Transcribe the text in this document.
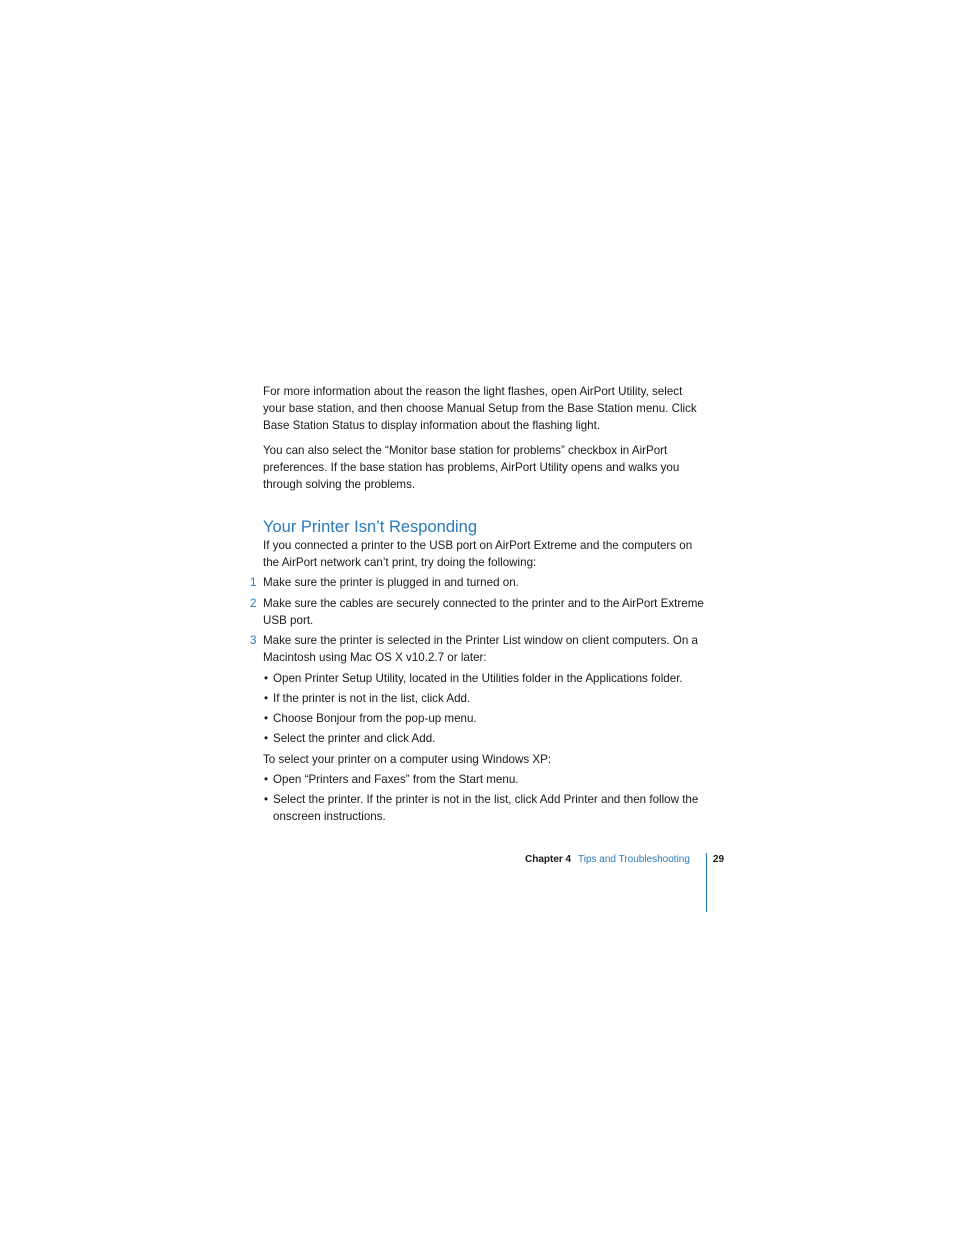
For more information about the reason the light flashes, open AirPort Utility, select

your base station, and then choose Manual Setup from the Base Station menu. Click

Base Station Status to display information about the flashing light.

You can also select the “Monitor base station for problems” checkbox in AirPort

preferences. If the base station has problems, AirPort Utility opens and walks you

through solving the problems.

Your Printer Isn’t Responding

If you connected a printer to the USB port on AirPort Extreme and the computers on

the AirPort network can’t print, try doing the following:

1 Make sure the printer is plugged in and turned on.

2 Make sure the cables are securely connected to the printer and to the AirPort Extreme

USB port.

3 Make sure the printer is selected in the Printer List window on client computers. On a

Macintosh using Mac OS X v10.2.7 or later:

• Open Printer Setup Utility, located in the Utilities folder in the Applications folder.

• If the printer is not in the list, click Add.

• Choose Bonjour from the pop-up menu.

• Select the printer and click Add.

To select your printer on a computer using Windows XP:

• Open “Printers and Faxes” from the Start menu.

• Select the printer. If the printer is not in the list, click Add Printer and then follow the

onscreen instructions.

Chapter 4 Tips and Troubleshooting 29
